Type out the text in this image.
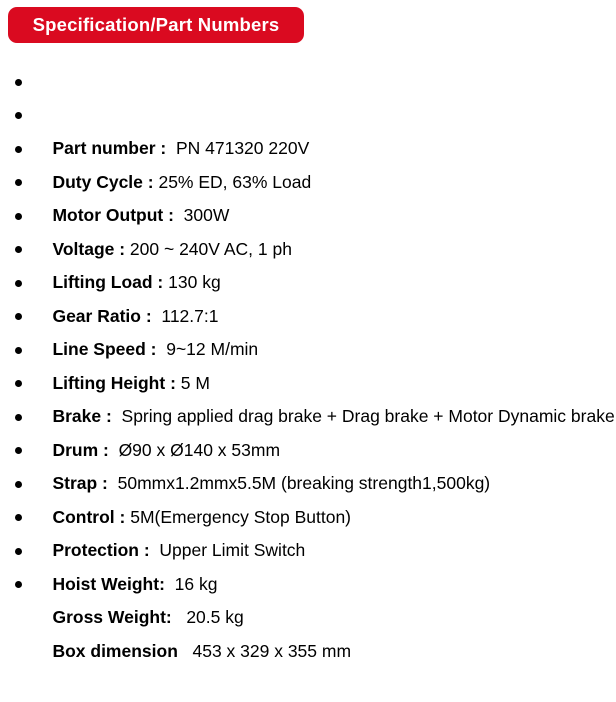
Specification/Part Numbers

Part number :  PN 471320 220V

Duty Cycle : 25% ED, 63% Load

Motor Output :  300W

Voltage : 200 ~ 240V AC, 1 ph

Lifting Load : 130 kg

Gear Ratio :  112.7:1

Line Speed :  9~12 M/min

Lifting Height : 5 M

Brake :  Spring applied drag brake + Drag brake + Motor Dynamic brake

Drum :  Ø90 x Ø140 x 53mm

Strap :  50mmx1.2mmx5.5M (breaking strength1,500kg)

Control : 5M(Emergency Stop Button)

Protection :  Upper Limit Switch

Hoist Weight:  16 kg

Gross Weight:   20.5 kg

Box dimension   453 x 329 x 355 mm
